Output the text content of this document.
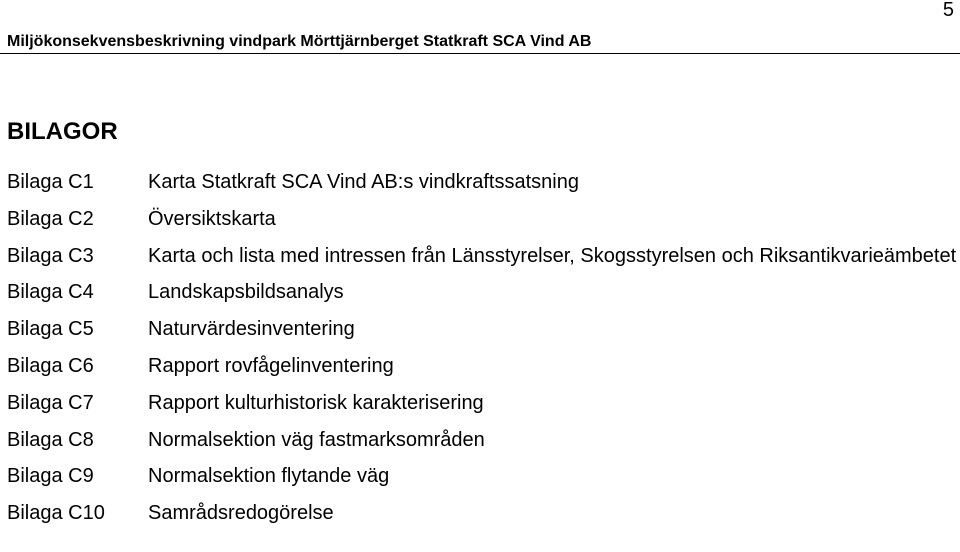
5
Miljökonsekvensbeskrivning vindpark Mörttjärnberget Statkraft SCA Vind AB
BILAGOR
Bilaga C1	Karta Statkraft SCA Vind AB:s vindkraftssatsning
Bilaga C2	Översiktskarta
Bilaga C3	Karta och lista med intressen från Länsstyrelser, Skogsstyrelsen och Riksantikvarieämbetet
Bilaga C4	Landskapsbildsanalys
Bilaga C5	Naturvärdesinventering
Bilaga C6	Rapport rovfågelinventering
Bilaga C7	Rapport kulturhistorisk karakterisering
Bilaga C8	Normalsektion väg fastmarksområden
Bilaga C9	Normalsektion flytande väg
Bilaga C10	Samrådsredogörelse
